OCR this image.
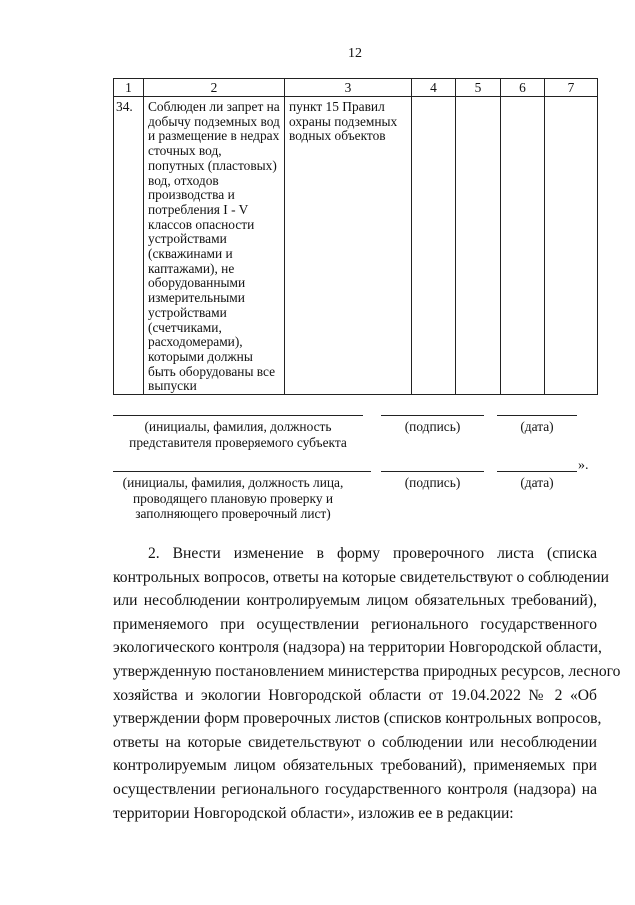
12
1	2	3	4	5	6	7

34.	Соблюден ли запрет на добычу подземных вод и размещение в недрах сточных вод, попутных (пластовых) вод, отходов производства и потребления I - V классов опасности устройствами (скважинами и каптажами), не оборудованными измерительными устройствами (счетчиками, расходомерами), которыми должны быть оборудованы все выпуски	пункт 15 Правил охраны подземных водных объектов				

(инициалы, фамилия, должность представителя проверяемого субъекта
(подпись)	(дата)
».
(инициалы, фамилия, должность лица, проводящего плановую проверку и заполняющего проверочный лист)
(подпись)	(дата)
2. Внести изменение в форму проверочного листа (списка
контрольных вопросов, ответы на которые свидетельствуют о соблюдении
или несоблюдении контролируемым лицом обязательных требований),
применяемого при осуществлении регионального государственного
экологического контроля (надзора) на территории Новгородской области,
утвержденную постановлением министерства природных ресурсов, лесного
хозяйства и экологии Новгородской области от 19.04.2022 № 2 «Об
утверждении форм проверочных листов (списков контрольных вопросов,
ответы на которые свидетельствуют о соблюдении или несоблюдении
контролируемым лицом обязательных требований), применяемых при
осуществлении регионального государственного контроля (надзора) на
территории Новгородской области», изложив ее в редакции:
